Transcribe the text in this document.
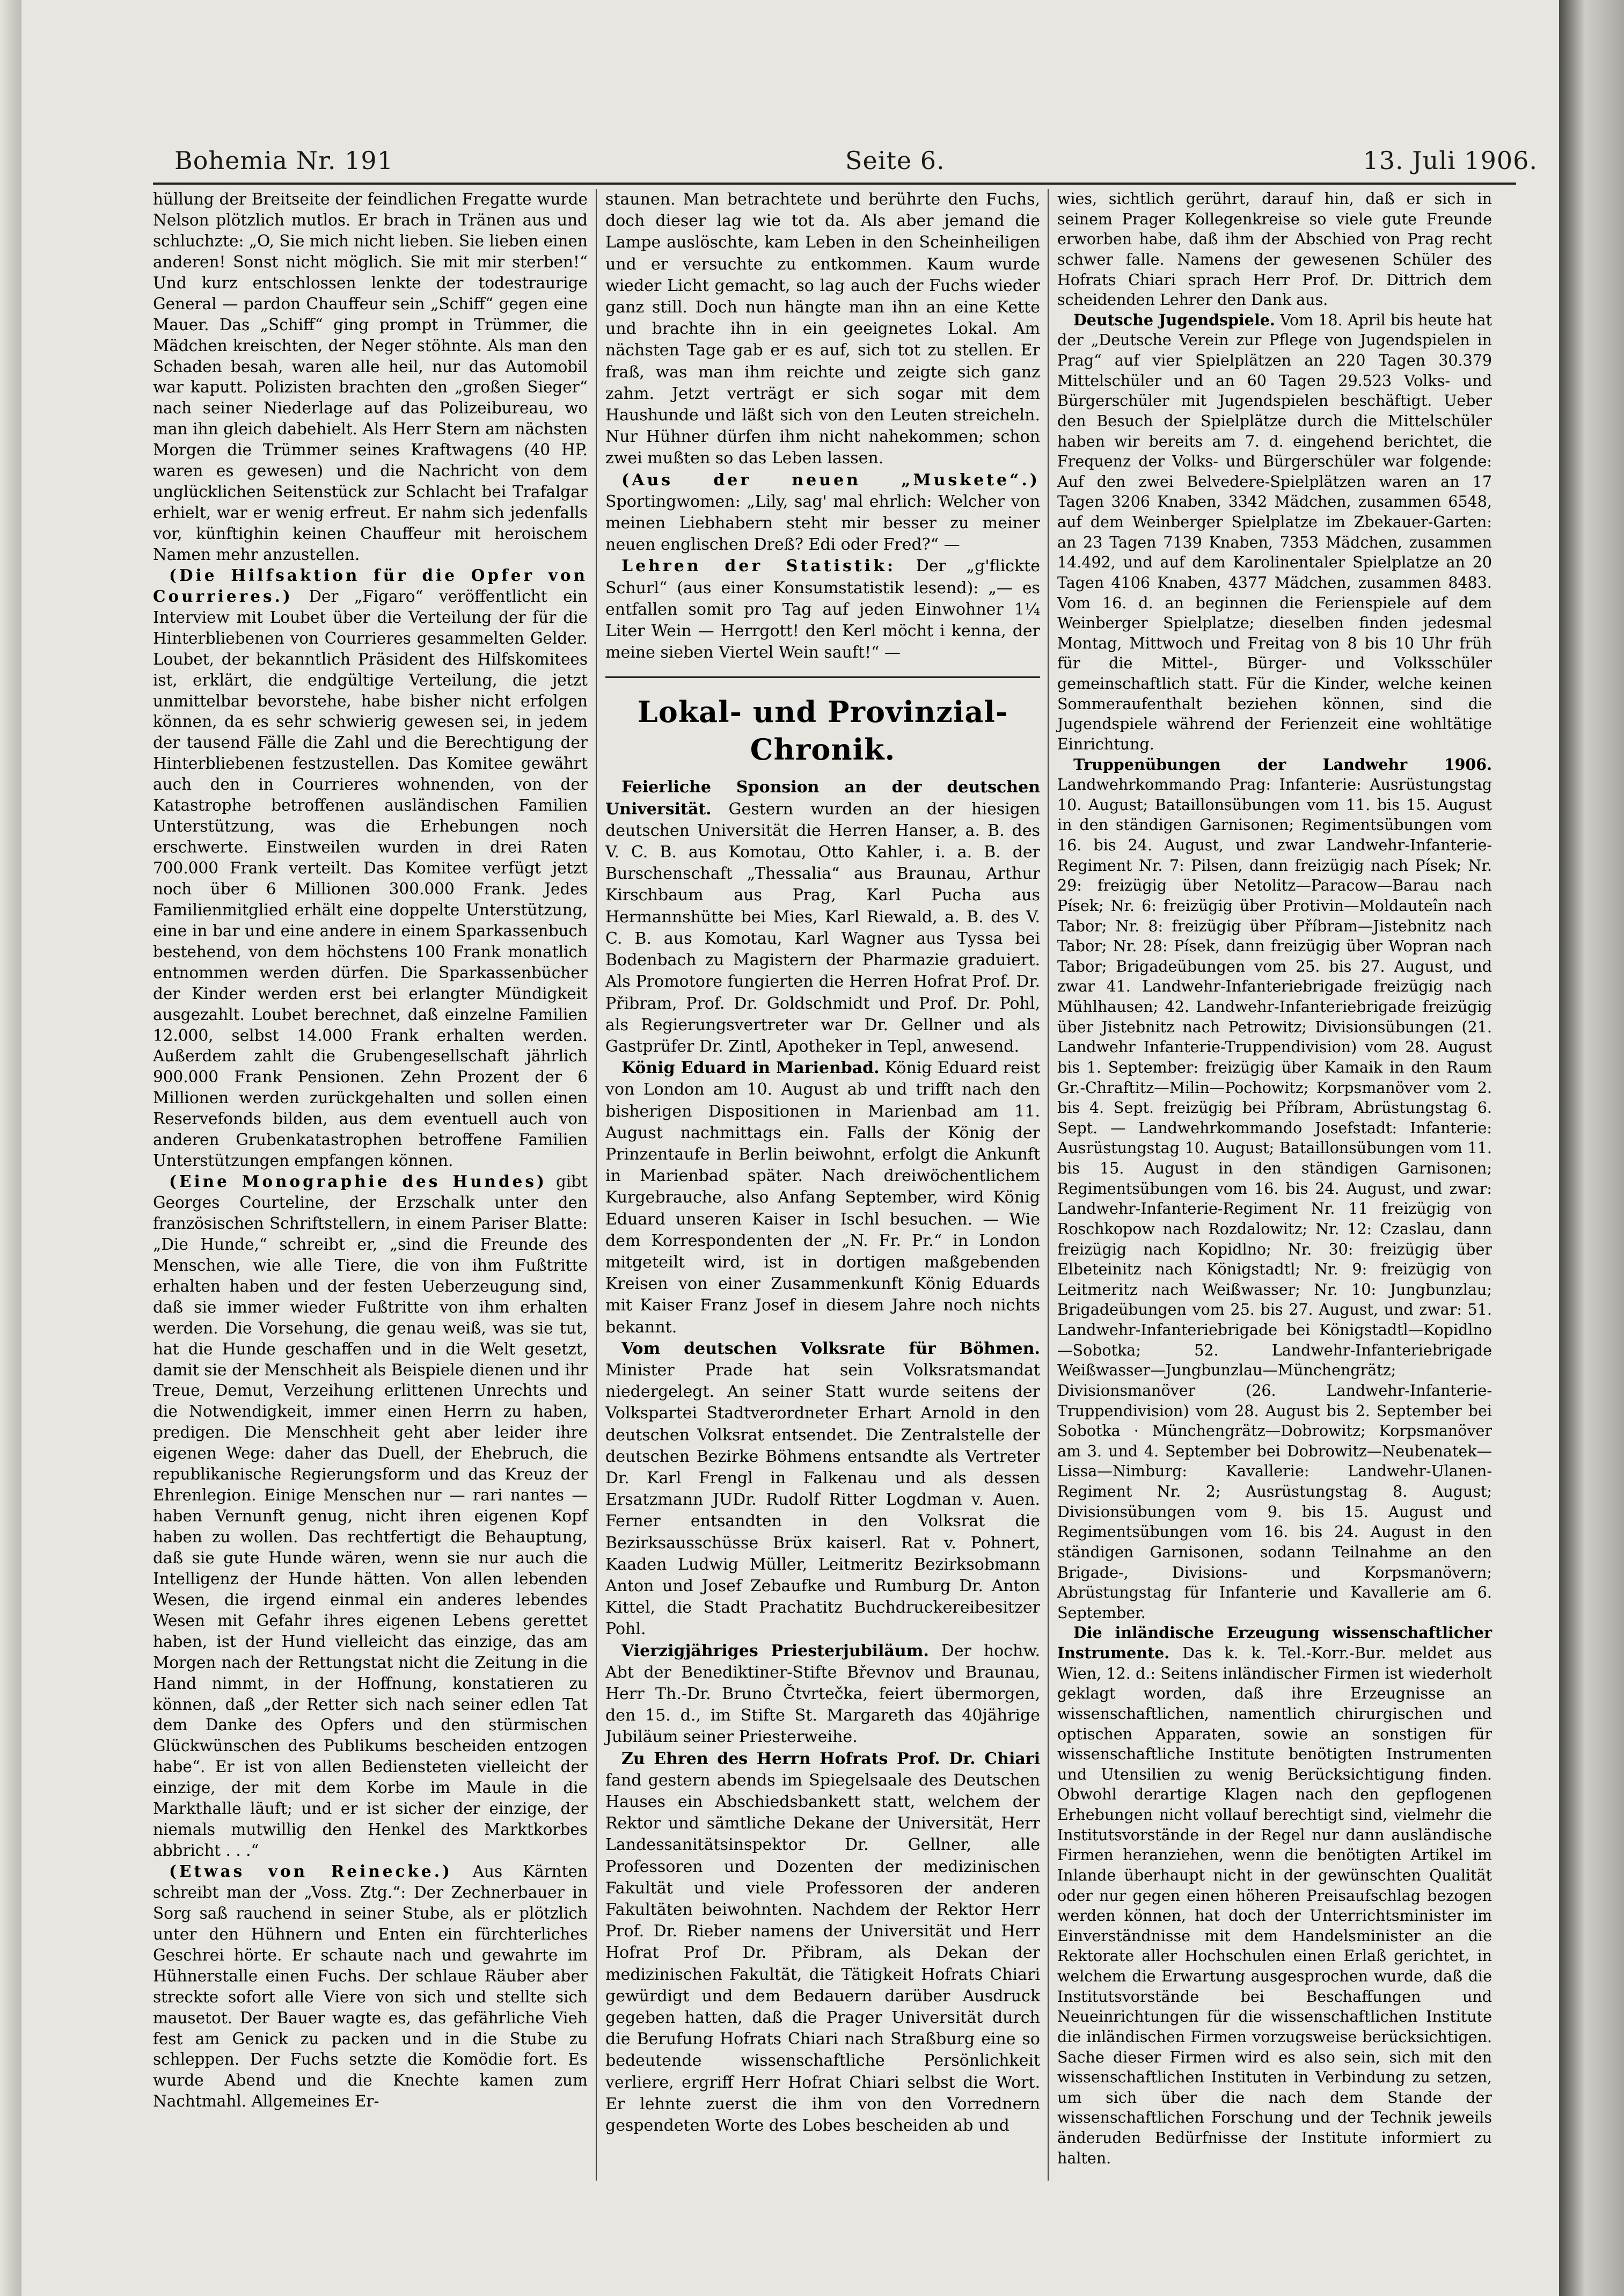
Bohemia Nr. 191	Seite 6.	13. Juli 1906.

hüllung der Breitseite der feindlichen Fregatte wurde Nelson plötzlich mutlos. Er brach in Tränen aus und schluchzte: „O, Sie mich nicht lieben. Sie lieben einen anderen! Sonst nicht möglich. Sie mit mir sterben!“ Und kurz entschlossen lenkte der todestraurige General — pardon Chauffeur sein „Schiff“ gegen eine Mauer. Das „Schiff“ ging prompt in Trümmer, die Mädchen kreischten, der Neger stöhnte. Als man den Schaden besah, waren alle heil, nur das Automobil war kaputt. Polizisten brachten den „großen Sieger“ nach seiner Niederlage auf das Polizeibureau, wo man ihn gleich dabehielt. Als Herr Stern am nächsten Morgen die Trümmer seines Kraftwagens (40 HP. waren es gewesen) und die Nachricht von dem unglücklichen Seitenstück zur Schlacht bei Trafalgar erhielt, war er wenig erfreut. Er nahm sich jedenfalls vor, künftighin keinen Chauffeur mit heroischem Namen mehr anzustellen.

(Die Hilfsaktion für die Opfer von Courrieres.) Der „Figaro“ veröffentlicht ein Interview mit Loubet über die Verteilung der für die Hinterbliebenen von Courrieres gesammelten Gelder. Loubet, der bekanntlich Präsident des Hilfskomitees ist, erklärt, die endgültige Verteilung, die jetzt unmittelbar bevorstehe, habe bisher nicht erfolgen können, da es sehr schwierig gewesen sei, in jedem der tausend Fälle die Zahl und die Berechtigung der Hinterbliebenen festzustellen. Das Komitee gewährt auch den in Courrieres wohnenden, von der Katastrophe betroffenen ausländischen Familien Unterstützung, was die Erhebungen noch erschwerte. Einstweilen wurden in drei Raten 700.000 Frank verteilt. Das Komitee verfügt jetzt noch über 6 Millionen 300.000 Frank. Jedes Familienmitglied erhält eine doppelte Unterstützung, eine in bar und eine andere in einem Sparkassenbuch bestehend, von dem höchstens 100 Frank monatlich entnommen werden dürfen. Die Sparkassenbücher der Kinder werden erst bei erlangter Mündigkeit ausgezahlt. Loubet berechnet, daß einzelne Familien 12.000, selbst 14.000 Frank erhalten werden. Außerdem zahlt die Grubengesellschaft jährlich 900.000 Frank Pensionen. Zehn Prozent der 6 Millionen werden zurückgehalten und sollen einen Reservefonds bilden, aus dem eventuell auch von anderen Grubenkatastrophen betroffene Familien Unterstützungen empfangen können.

(Eine Monographie des Hundes) gibt Georges Courteline, der Erzschalk unter den französischen Schriftstellern, in einem Pariser Blatte: „Die Hunde,“ schreibt er, „sind die Freunde des Menschen, wie alle Tiere, die von ihm Fußtritte erhalten haben und der festen Ueberzeugung sind, daß sie immer wieder Fußtritte von ihm erhalten werden. Die Vorsehung, die genau weiß, was sie tut, hat die Hunde geschaffen und in die Welt gesetzt, damit sie der Menschheit als Beispiele dienen und ihr Treue, Demut, Verzeihung erlittenen Unrechts und die Notwendigkeit, immer einen Herrn zu haben, predigen. Die Menschheit geht aber leider ihre eigenen Wege: daher das Duell, der Ehebruch, die republikanische Regierungsform und das Kreuz der Ehrenlegion. Einige Menschen nur — rari nantes — haben Vernunft genug, nicht ihren eigenen Kopf haben zu wollen. Das rechtfertigt die Behauptung, daß sie gute Hunde wären, wenn sie nur auch die Intelligenz der Hunde hätten. Von allen lebenden Wesen, die irgend einmal ein anderes lebendes Wesen mit Gefahr ihres eigenen Lebens gerettet haben, ist der Hund vielleicht das einzige, das am Morgen nach der Rettungstat nicht die Zeitung in die Hand nimmt, in der Hoffnung, konstatieren zu können, daß „der Retter sich nach seiner edlen Tat dem Danke des Opfers und den stürmischen Glückwünschen des Publikums bescheiden entzogen habe“. Er ist von allen Bediensteten vielleicht der einzige, der mit dem Korbe im Maule in die Markthalle läuft; und er ist sicher der einzige, der niemals mutwillig den Henkel des Marktkorbes abbricht . . .“

(Etwas von Reinecke.) Aus Kärnten schreibt man der „Voss. Ztg.“: Der Zechnerbauer in Sorg saß rauchend in seiner Stube, als er plötzlich unter den Hühnern und Enten ein fürchterliches Geschrei hörte. Er schaute nach und gewahrte im Hühnerstalle einen Fuchs. Der schlaue Räuber aber streckte sofort alle Viere von sich und stellte sich mausetot. Der Bauer wagte es, das gefährliche Vieh fest am Genick zu packen und in die Stube zu schleppen. Der Fuchs setzte die Komödie fort. Es wurde Abend und die Knechte kamen zum Nachtmahl. Allgemeines Er-

staunen. Man betrachtete und berührte den Fuchs, doch dieser lag wie tot da. Als aber jemand die Lampe auslöschte, kam Leben in den Scheinheiligen und er versuchte zu entkommen. Kaum wurde wieder Licht gemacht, so lag auch der Fuchs wieder ganz still. Doch nun hängte man ihn an eine Kette und brachte ihn in ein geeignetes Lokal. Am nächsten Tage gab er es auf, sich tot zu stellen. Er fraß, was man ihm reichte und zeigte sich ganz zahm. Jetzt verträgt er sich sogar mit dem Haushunde und läßt sich von den Leuten streicheln. Nur Hühner dürfen ihm nicht nahekommen; schon zwei mußten so das Leben lassen.

(Aus der neuen „Muskete“.) Sportingwomen: „Lily, sag' mal ehrlich: Welcher von meinen Liebhabern steht mir besser zu meiner neuen englischen Dreß? Edi oder Fred?“ —

Lehren der Statistik: Der „g'flickte Schurl“ (aus einer Konsumstatistik lesend): „— es entfallen somit pro Tag auf jeden Einwohner 1¼ Liter Wein — Herrgott! den Kerl möcht i kenna, der meine sieben Viertel Wein sauft!“ —

Lokal- und Provinzial-Chronik.

Feierliche Sponsion an der deutschen Universität. Gestern wurden an der hiesigen deutschen Universität die Herren Hanser, a. B. des V. C. B. aus Komotau, Otto Kahler, i. a. B. der Burschenschaft „Thessalia“ aus Braunau, Arthur Kirschbaum aus Prag, Karl Pucha aus Hermannshütte bei Mies, Karl Riewald, a. B. des V. C. B. aus Komotau, Karl Wagner aus Tyssa bei Bodenbach zu Magistern der Pharmazie graduiert. Als Promotore fungierten die Herren Hofrat Prof. Dr. Přibram, Prof. Dr. Goldschmidt und Prof. Dr. Pohl, als Regierungsvertreter war Dr. Gellner und als Gastprüfer Dr. Zintl, Apotheker in Tepl, anwesend.

König Eduard in Marienbad. König Eduard reist von London am 10. August ab und trifft nach den bisherigen Dispositionen in Marienbad am 11. August nachmittags ein. Falls der König der Prinzentaufe in Berlin beiwohnt, erfolgt die Ankunft in Marienbad später. Nach dreiwöchentlichem Kurgebrauche, also Anfang September, wird König Eduard unseren Kaiser in Ischl besuchen. — Wie dem Korrespondenten der „N. Fr. Pr.“ in London mitgeteilt wird, ist in dortigen maßgebenden Kreisen von einer Zusammenkunft König Eduards mit Kaiser Franz Josef in diesem Jahre noch nichts bekannt.

Vom deutschen Volksrate für Böhmen. Minister Prade hat sein Volksratsmandat niedergelegt. An seiner Statt wurde seitens der Volkspartei Stadtverordneter Erhart Arnold in den deutschen Volksrat entsendet. Die Zentralstelle der deutschen Bezirke Böhmens entsandte als Vertreter Dr. Karl Frengl in Falkenau und als dessen Ersatzmann JUDr. Rudolf Ritter Logdman v. Auen. Ferner entsandten in den Volksrat die Bezirksausschüsse Brüx kaiserl. Rat v. Pohnert, Kaaden Ludwig Müller, Leitmeritz Bezirksobmann Anton und Josef Zebaufke und Rumburg Dr. Anton Kittel, die Stadt Prachatitz Buchdruckereibesitzer Pohl.

Vierzigjähriges Priesterjubiläum. Der hochw. Abt der Benediktiner-Stifte Břevnov und Braunau, Herr Th.-Dr. Bruno Čtvrtečka, feiert übermorgen, den 15. d., im Stifte St. Margareth das 40jährige Jubiläum seiner Priesterweihe.

Zu Ehren des Herrn Hofrats Prof. Dr. Chiari fand gestern abends im Spiegelsaale des Deutschen Hauses ein Abschiedsbankett statt, welchem der Rektor und sämtliche Dekane der Universität, Herr Landessanitätsinspektor Dr. Gellner, alle Professoren und Dozenten der medizinischen Fakultät und viele Professoren der anderen Fakultäten beiwohnten. Nachdem der Rektor Herr Prof. Dr. Rieber namens der Universität und Herr Hofrat Prof Dr. Přibram, als Dekan der medizinischen Fakultät, die Tätigkeit Hofrats Chiari gewürdigt und dem Bedauern darüber Ausdruck gegeben hatten, daß die Prager Universität durch die Berufung Hofrats Chiari nach Straßburg eine so bedeutende wissenschaftliche Persönlichkeit verliere, ergriff Herr Hofrat Chiari selbst die Wort. Er lehnte zuerst die ihm von den Vorrednern gespendeten Worte des Lobes bescheiden ab und

wies, sichtlich gerührt, darauf hin, daß er sich in seinem Prager Kollegenkreise so viele gute Freunde erworben habe, daß ihm der Abschied von Prag recht schwer falle. Namens der gewesenen Schüler des Hofrats Chiari sprach Herr Prof. Dr. Dittrich dem scheidenden Lehrer den Dank aus.

Deutsche Jugendspiele. Vom 18. April bis heute hat der „Deutsche Verein zur Pflege von Jugendspielen in Prag“ auf vier Spielplätzen an 220 Tagen 30.379 Mittelschüler und an 60 Tagen 29.523 Volks- und Bürgerschüler mit Jugendspielen beschäftigt. Ueber den Besuch der Spielplätze durch die Mittelschüler haben wir bereits am 7. d. eingehend berichtet, die Frequenz der Volks- und Bürgerschüler war folgende: Auf den zwei Belvedere-Spielplätzen waren an 17 Tagen 3206 Knaben, 3342 Mädchen, zusammen 6548, auf dem Weinberger Spielplatze im Zbekauer-Garten: an 23 Tagen 7139 Knaben, 7353 Mädchen, zusammen 14.492, und auf dem Karolinentaler Spielplatze an 20 Tagen 4106 Knaben, 4377 Mädchen, zusammen 8483. Vom 16. d. an beginnen die Ferienspiele auf dem Weinberger Spielplatze; dieselben finden jedesmal Montag, Mittwoch und Freitag von 8 bis 10 Uhr früh für die Mittel-, Bürger- und Volksschüler gemeinschaftlich statt. Für die Kinder, welche keinen Sommeraufenthalt beziehen können, sind die Jugendspiele während der Ferienzeit eine wohltätige Einrichtung.

Truppenübungen der Landwehr 1906. Landwehrkommando Prag: Infanterie: Ausrüstungstag 10. August; Bataillonsübungen vom 11. bis 15. August in den ständigen Garnisonen; Regimentsübungen vom 16. bis 24. August, und zwar Landwehr-Infanterie-Regiment Nr. 7: Pilsen, dann freizügig nach Písek; Nr. 29: freizügig über Netolitz—Paracow—Barau nach Písek; Nr. 6: freizügig über Protivin—Moldauteîn nach Tabor; Nr. 8: freizügig über Příbram—Jistebnitz nach Tabor; Nr. 28: Písek, dann freizügig über Wopran nach Tabor; Brigadeübungen vom 25. bis 27. August, und zwar 41. Landwehr-Infanteriebrigade freizügig nach Mühlhausen; 42. Landwehr-Infanteriebrigade freizügig über Jistebnitz nach Petrowitz; Divisionsübungen (21. Landwehr Infanterie-Truppendivision) vom 28. August bis 1. September: freizügig über Kamaik in den Raum Gr.-Chraftitz—Milin—Pochowitz; Korpsmanöver vom 2. bis 4. Sept. freizügig bei Příbram, Abrüstungstag 6. Sept. — Landwehrkommando Josefstadt: Infanterie: Ausrüstungstag 10. August; Bataillonsübungen vom 11. bis 15. August in den ständigen Garnisonen; Regimentsübungen vom 16. bis 24. August, und zwar: Landwehr-Infanterie-Regiment Nr. 11 freizügig von Roschkopow nach Rozdalowitz; Nr. 12: Czaslau, dann freizügig nach Kopidlno; Nr. 30: freizügig über Elbeteinitz nach Königstadtl; Nr. 9: freizügig von Leitmeritz nach Weißwasser; Nr. 10: Jungbunzlau; Brigadeübungen vom 25. bis 27. August, und zwar: 51. Landwehr-Infanteriebrigade bei Königstadtl—Kopidlno—Sobotka; 52. Landwehr-Infanteriebrigade Weißwasser—Jungbunzlau—Münchengrätz; Divisionsmanöver (26. Landwehr-Infanterie-Truppendivision) vom 28. August bis 2. September bei Sobotka · Münchengrätz—Dobrowitz; Korpsmanöver am 3. und 4. September bei Dobrowitz—Neubenatek—Lissa—Nimburg: Kavallerie: Landwehr-Ulanen-Regiment Nr. 2; Ausrüstungstag 8. August; Divisionsübungen vom 9. bis 15. August und Regimentsübungen vom 16. bis 24. August in den ständigen Garnisonen, sodann Teilnahme an den Brigade-, Divisions- und Korpsmanövern; Abrüstungstag für Infanterie und Kavallerie am 6. September.

Die inländische Erzeugung wissenschaftlicher Instrumente. Das k. k. Tel.-Korr.-Bur. meldet aus Wien, 12. d.: Seitens inländischer Firmen ist wiederholt geklagt worden, daß ihre Erzeugnisse an wissenschaftlichen, namentlich chirurgischen und optischen Apparaten, sowie an sonstigen für wissenschaftliche Institute benötigten Instrumenten und Utensilien zu wenig Berücksichtigung finden. Obwohl derartige Klagen nach den gepflogenen Erhebungen nicht vollauf berechtigt sind, vielmehr die Institutsvorstände in der Regel nur dann ausländische Firmen heranziehen, wenn die benötigten Artikel im Inlande überhaupt nicht in der gewünschten Qualität oder nur gegen einen höheren Preisaufschlag bezogen werden können, hat doch der Unterrichtsminister im Einverständnisse mit dem Handelsminister an die Rektorate aller Hochschulen einen Erlaß gerichtet, in welchem die Erwartung ausgesprochen wurde, daß die Institutsvorstände bei Beschaffungen und Neueinrichtungen für die wissenschaftlichen Institute die inländischen Firmen vorzugsweise berücksichtigen. Sache dieser Firmen wird es also sein, sich mit den wissenschaftlichen Instituten in Verbindung zu setzen, um sich über die nach dem Stande der wissenschaftlichen Forschung und der Technik jeweils änderuden Bedürfnisse der Institute informiert zu halten.
